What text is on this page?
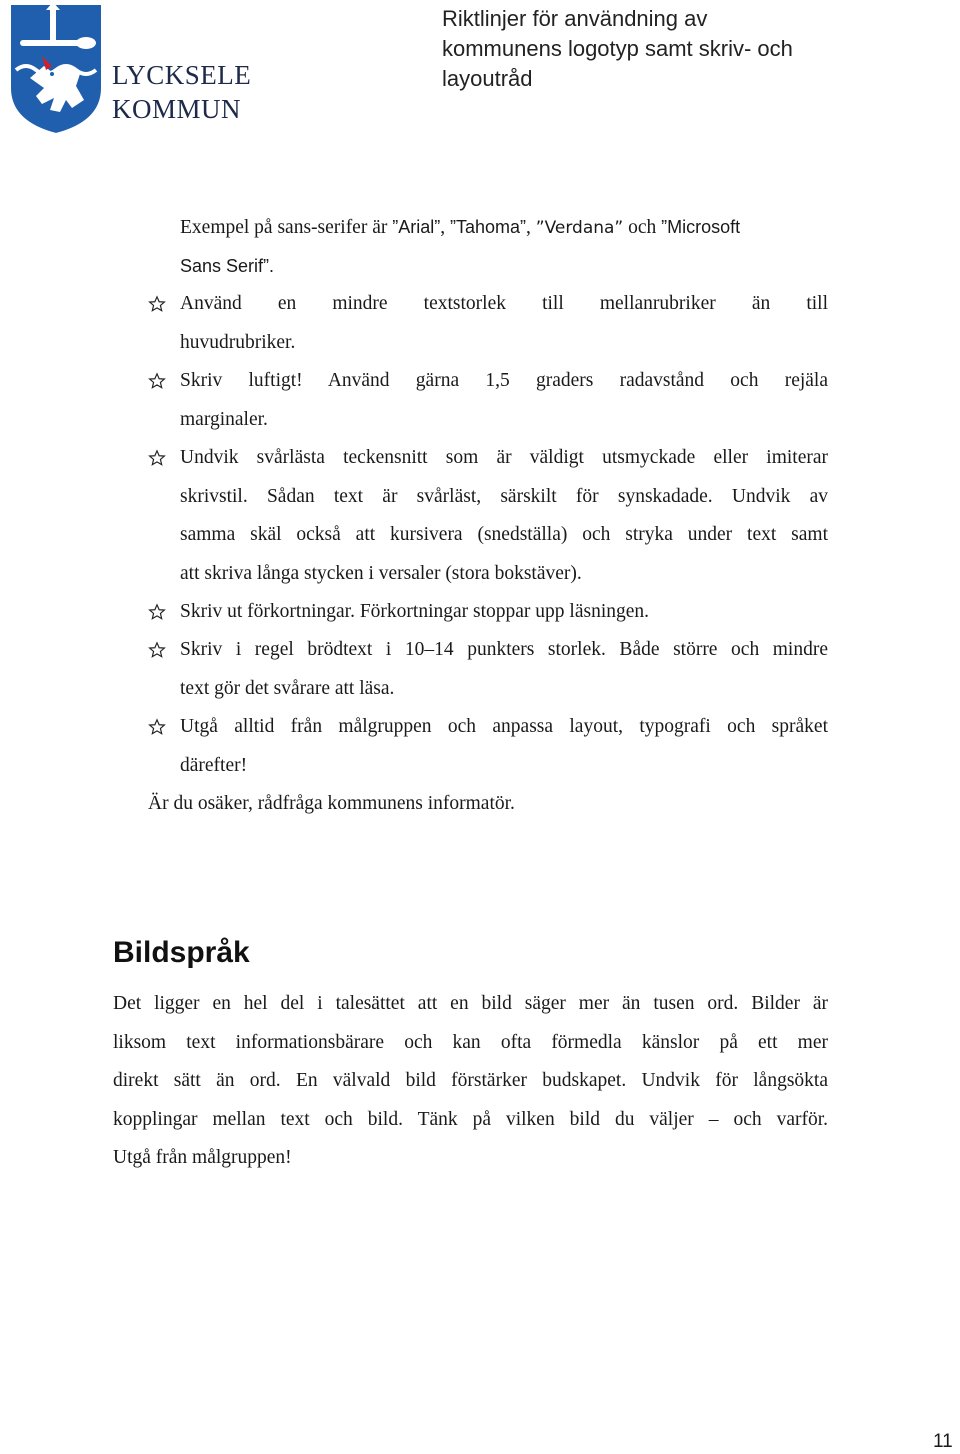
LYCKSELE
KOMMUN
Riktlinjer för användning av
kommunens logotyp samt skriv- och
layoutråd
Exempel på sans-serifer är ”Arial”, ”Tahoma”, ”Verdana” och ”Microsoft
Sans Serif”.
Använd en mindre textstorlek till mellanrubriker än till
huvudrubriker.
Skriv luftigt! Använd gärna 1,5 graders radavstånd och rejäla
marginaler.
Undvik svårlästa teckensnitt som är väldigt utsmyckade eller imiterar
skrivstil. Sådan text är svårläst, särskilt för synskadade. Undvik av
samma skäl också att kursivera (snedställa) och stryka under text samt
att skriva långa stycken i versaler (stora bokstäver).
Skriv ut förkortningar. Förkortningar stoppar upp läsningen.
Skriv i regel brödtext i 10–14 punkters storlek. Både större och mindre
text gör det svårare att läsa.
Utgå alltid från målgruppen och anpassa layout, typografi och språket
därefter!
Är du osäker, rådfråga kommunens informatör.
Bildspråk
Det ligger en hel del i talesättet att en bild säger mer än tusen ord. Bilder är
liksom text informationsbärare och kan ofta förmedla känslor på ett mer
direkt sätt än ord. En välvald bild förstärker budskapet. Undvik för långsökta
kopplingar mellan text och bild. Tänk på vilken bild du väljer – och varför.
Utgå från målgruppen!
11
